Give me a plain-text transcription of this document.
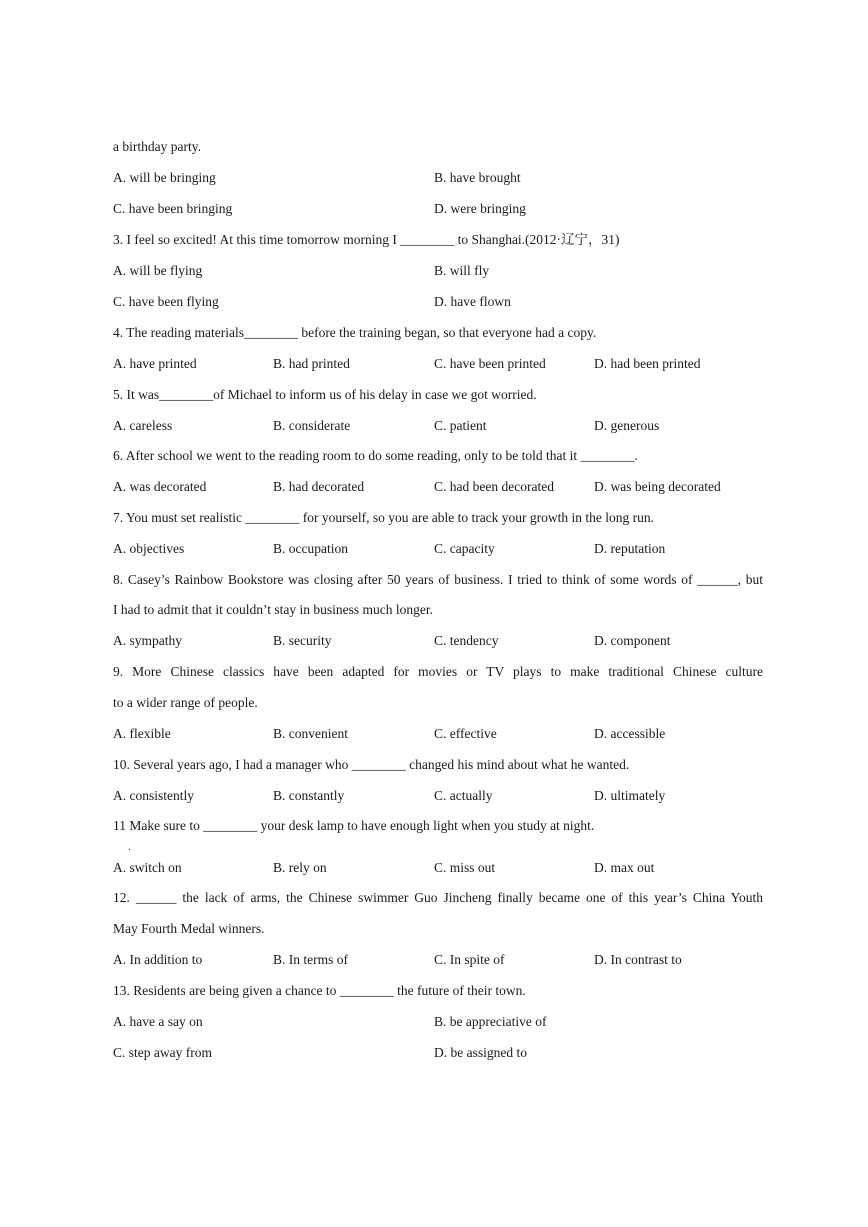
a birthday party.
A. will be bringing	B. have brought
C. have been bringing	D. were bringing
3. I feel so excited! At this time tomorrow morning I ________ to Shanghai.(2012·辽宁，31)
A. will be flying	B. will fly
C. have been flying	D. have flown
4. The reading materials________ before the training began, so that everyone had a copy.
A. have printed	B. had printed	C. have been printed	D. had been printed
5. It was________of Michael to inform us of his delay in case we got worried.
A. careless	B. considerate	C. patient	D. generous
6. After school we went to the reading room to do some reading, only to be told that it ________.
A. was decorated	B. had decorated	C. had been decorated	D. was being decorated
7. You must set realistic ________ for yourself, so you are able to track your growth in the long run.
A. objectives	B. occupation	C. capacity	D. reputation
8. Casey’s Rainbow Bookstore was closing after 50 years of business. I tried to think of some words of ______, but
I had to admit that it couldn’t stay in business much longer.
A. sympathy	B. security	C. tendency	D. component
9. More Chinese classics have been adapted for movies or TV plays to make traditional Chinese culture
to a wider range of people.
A. flexible	B. convenient	C. effective	D. accessible
10. Several years ago, I had a manager who ________ changed his mind about what he wanted.
A. consistently	B. constantly	C. actually	D. ultimately
11 Make sure to ________ your desk lamp to have enough light when you study at night.
.
A. switch on	B. rely on	C. miss out	D. max out
12. ______ the lack of arms, the Chinese swimmer Guo Jincheng finally became one of this year’s China Youth
May Fourth Medal winners.
A. In addition to	B. In terms of	C. In spite of	D. In contrast to
13. Residents are being given a chance to ________ the future of their town.
A. have a say on	B. be appreciative of
C. step away from	D. be assigned to
